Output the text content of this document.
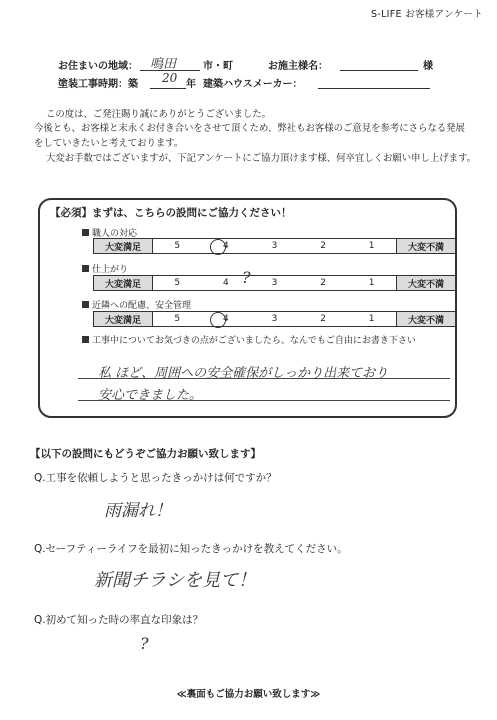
S-LIFE お客様アンケート
お住まいの地域： 鳴田	市・町	お施主様名：	様
塗装工事時期：築 20 年 建築ハウスメーカー：
この度は、ご発注賜り誠にありがとうございました。
今後とも、お客様と末永くお付き合いをさせて頂くため、弊社もお客様のご意見を参考にさらなる発展
をしていきたいと考えております。
大変お手数ではございますが、下記アンケートにご協力頂けます様、何卒宜しくお願い申し上げます。
【必須】まずは、こちらの設問にご協力ください！
職人の対応
大変満足	5	4	3	2	1	大変不満
仕上がり
大変満足	5	4	3	2	1	大変不満
?
近隣への配慮、安全管理
大変満足	5	4	3	2	1	大変不満
工事中についてお気づきの点がございましたら、なんでもご自由にお書き下さい
私 ほど、周囲への安全確保がしっかり出来ており
安心できました。
【以下の設問にもどうぞご協力お願い致します】
Q.工事を依頼しようと思ったきっかけは何ですか？
雨漏れ！
Q.セーフティーライフを最初に知ったきっかけを教えてください。
新聞チラシを見て！
Q.初めて知った時の率直な印象は？
?
≪裏面もご協力お願い致します≫
